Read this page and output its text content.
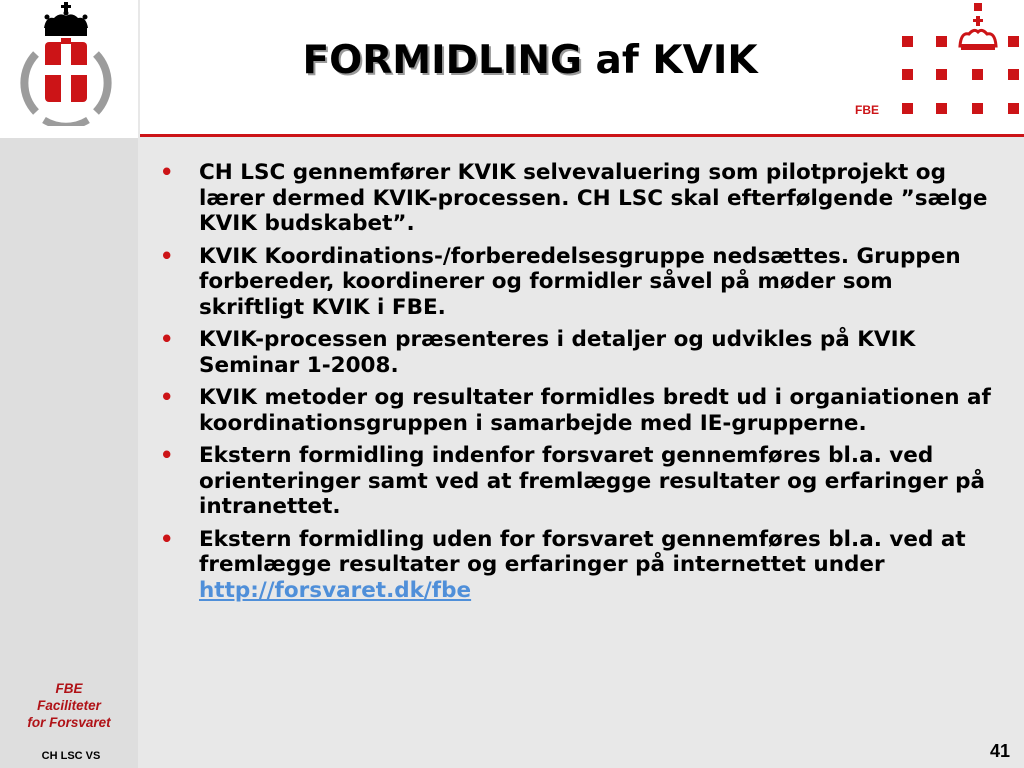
FORMIDLING af KVIK
FBE
• CH LSC gennemfører KVIK selvevaluering som pilotprojekt og lærer dermed KVIK-processen. CH LSC skal efterfølgende ”sælge KVIK budskabet”.
• KVIK Koordinations-/forberedelsesgruppe nedsættes. Gruppen forbereder, koordinerer og formidler såvel på møder som skriftligt KVIK i FBE.
• KVIK-processen præsenteres i detaljer og udvikles på KVIK Seminar 1-2008.
• KVIK metoder og resultater formidles bredt ud i organiationen af koordinationsgruppen i samarbejde med IE-grupperne.
• Ekstern formidling indenfor forsvaret gennemføres bl.a. ved orienteringer samt ved at fremlægge resultater og erfaringer på intranettet.
• Ekstern formidling uden for forsvaret gennemføres bl.a. ved at fremlægge resultater og erfaringer på internettet under http://forsvaret.dk/fbe
FBE
Faciliteter
for Forsvaret
CH LSC VS	41
